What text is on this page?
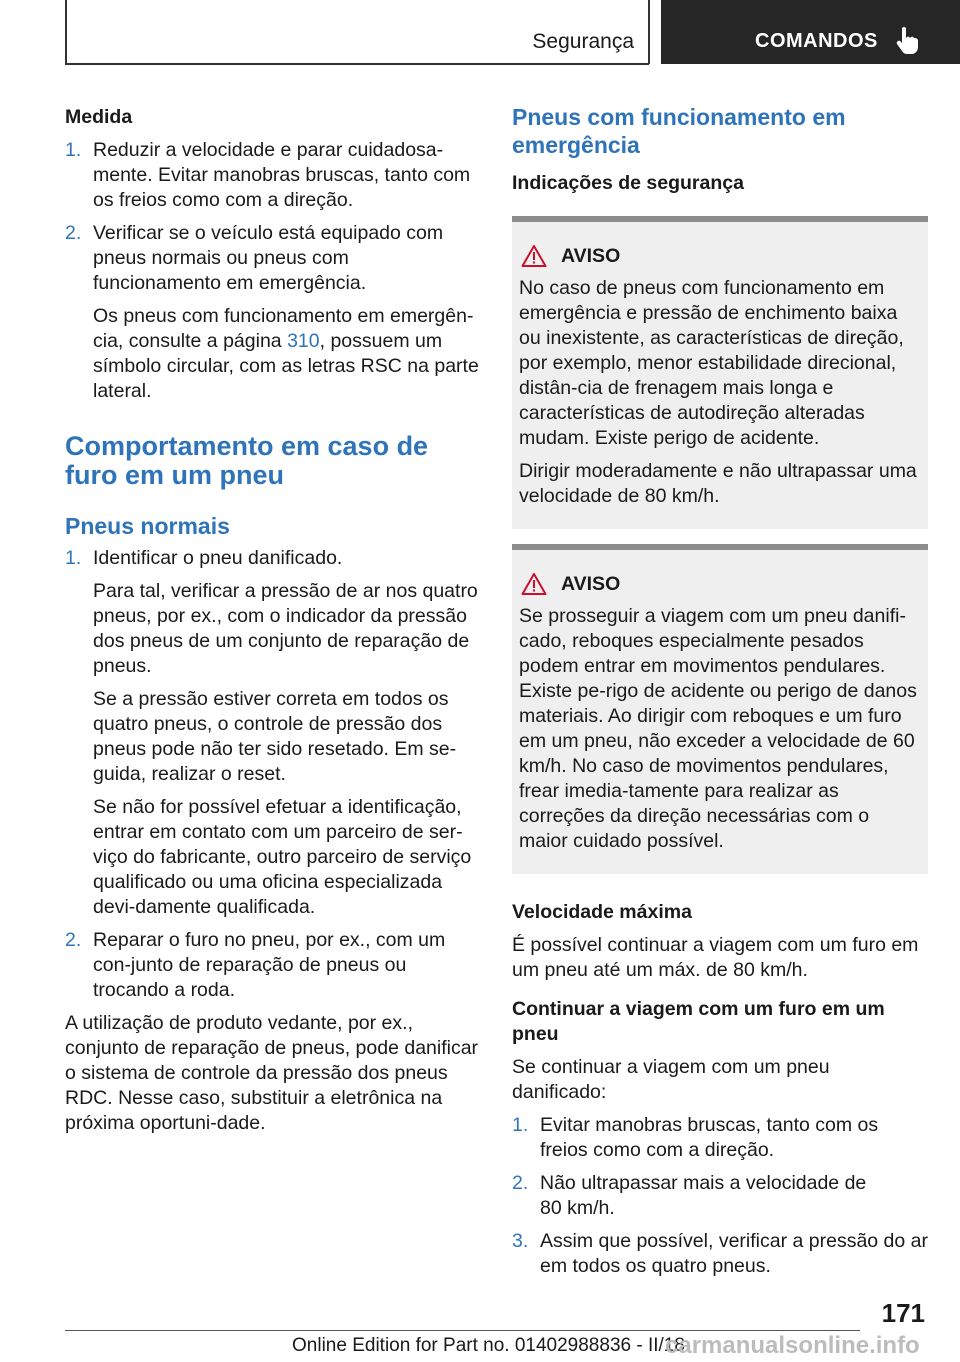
Segurança	COMANDOS
Medida
1. Reduzir a velocidade e parar cuidadosa‐mente. Evitar manobras bruscas, tanto com os freios como com a direção.
2. Verificar se o veículo está equipado com pneus normais ou pneus com funcionamento em emergência.
Os pneus com funcionamento em emergên‐cia, consulte a página 310, possuem um símbolo circular, com as letras RSC na parte lateral.
Comportamento em caso de furo em um pneu
Pneus normais
1. Identificar o pneu danificado.
Para tal, verificar a pressão de ar nos quatro pneus, por ex., com o indicador da pressão dos pneus de um conjunto de reparação de pneus.
Se a pressão estiver correta em todos os quatro pneus, o controle de pressão dos pneus pode não ter sido resetado. Em se‐guida, realizar o reset.
Se não for possível efetuar a identificação, entrar em contato com um parceiro de ser‐viço do fabricante, outro parceiro de serviço qualificado ou uma oficina especializada devi‐damente qualificada.
2. Reparar o furo no pneu, por ex., com um con‐junto de reparação de pneus ou trocando a roda.

A utilização de produto vedante, por ex., conjunto de reparação de pneus, pode danificar o sistema de controle da pressão dos pneus RDC. Nesse caso, substituir a eletrônica na próxima oportuni‐dade.

Pneus com funcionamento em emergência
Indicações de segurança
AVISO

No caso de pneus com funcionamento em emergência e pressão de enchimento baixa ou inexistente, as características de direção, por exemplo, menor estabilidade direcional, distân‐cia de frenagem mais longa e características de autodireção alteradas mudam. Existe perigo de acidente.

Dirigir moderadamente e não ultrapassar uma velocidade de 80 km/h.

AVISO

Se prosseguir a viagem com um pneu danifi‐cado, reboques especialmente pesados podem entrar em movimentos pendulares. Existe pe‐rigo de acidente ou perigo de danos materiais. Ao dirigir com reboques e um furo em um pneu, não exceder a velocidade de 60 km/h. No caso de movimentos pendulares, frear imedia‐tamente para realizar as correções da direção necessárias com o maior cuidado possível.

Velocidade máxima

É possível continuar a viagem com um furo em um pneu até um máx. de 80 km/h.

Continuar a viagem com um furo em um pneu

Se continuar a viagem com um pneu danificado:

1. Evitar manobras bruscas, tanto com os freios como com a direção.
2. Não ultrapassar mais a velocidade de 80 km/h.
3. Assim que possível, verificar a pressão do ar em todos os quatro pneus.
171
Online Edition for Part no. 01402988836 - II/18
carmanualsonline.info
